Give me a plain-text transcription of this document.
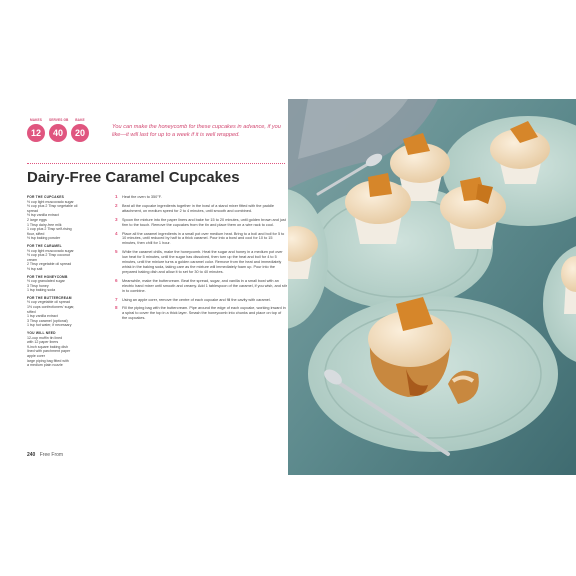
MAKES
12
SERVES GB
40
BAKE
20
You can make the honeycomb for these cupcakes in advance, if you like—it will last for up to a week if it is well wrapped.
Dairy-Free Caramel Cupcakes
FOR THE CUPCAKES
½ cup light muscovado sugar
½ cup plus 2 Tbsp vegetable oil
spread
½ tsp vanilla extract
2 large eggs
1 Tbsp dairy-free milk
1 cup plus 2 Tbsp self-rising
flour, sifted
½ tsp baking powder
FOR THE CARAMEL
½ cup light muscovado sugar
½ cup plus 2 Tbsp coconut
cream
2 Tbsp vegetable oil spread
½ tsp salt
FOR THE HONEYCOMB
½ cup granulated sugar
3 Tbsp honey
1 tsp baking soda
FOR THE BUTTERCREAM
½ cup vegetable oil spread
1½ cups confectioners' sugar,
sifted
1 tsp vanilla extract
3 Tbsp caramel (optional)
1 tsp hot water, if necessary
YOU WILL NEED
12-cup muffin tin lined
with 12 paper liners
9-inch square baking dish
lined with parchment paper
apple corer
large piping bag fitted with
a medium plain nozzle
1	Heat the oven to 350°F.
2	Beat all the cupcake ingredients together in the bowl of a stand mixer fitted with the paddle attachment, on medium speed for 2 to 4 minutes, until smooth and combined.
3	Spoon the mixture into the paper liners and bake for 15 to 20 minutes, until golden brown and just firm to the touch. Remove the cupcakes from the tin and place them on a wire rack to cool.
4	Place all the caramel ingredients in a small pot over medium heat. Bring to a boil and boil for 5 to 10 minutes, until reduced by half to a thick caramel. Pour into a bowl and cool for 10 to 15 minutes, then chill for 1 hour.
5	While the caramel chills, make the honeycomb. Heat the sugar and honey in a medium pot over low heat for 5 minutes, until the sugar has dissolved, then turn up the heat and boil for 4 to 5 minutes, until the mixture turns a golden caramel color. Remove from the heat and immediately whisk in the baking soda, taking care as the mixture will immediately foam up. Pour into the prepared baking dish and allow it to set for 30 to 40 minutes.
6	Meanwhile, make the buttercream. Beat the spread, sugar, and vanilla in a small bowl with an electric hand mixer until smooth and creamy. Add 1 tablespoon of the caramel, if you wish, and stir in to combine.
7	Using an apple corer, remove the centre of each cupcake and fill the cavity with caramel.
8	Fill the piping bag with the buttercream. Pipe around the edge of each cupcake, working inward in a spiral to cover the top in a thick layer. Smash the honeycomb into chunks and place on top of the cupcakes.
240 Free From
